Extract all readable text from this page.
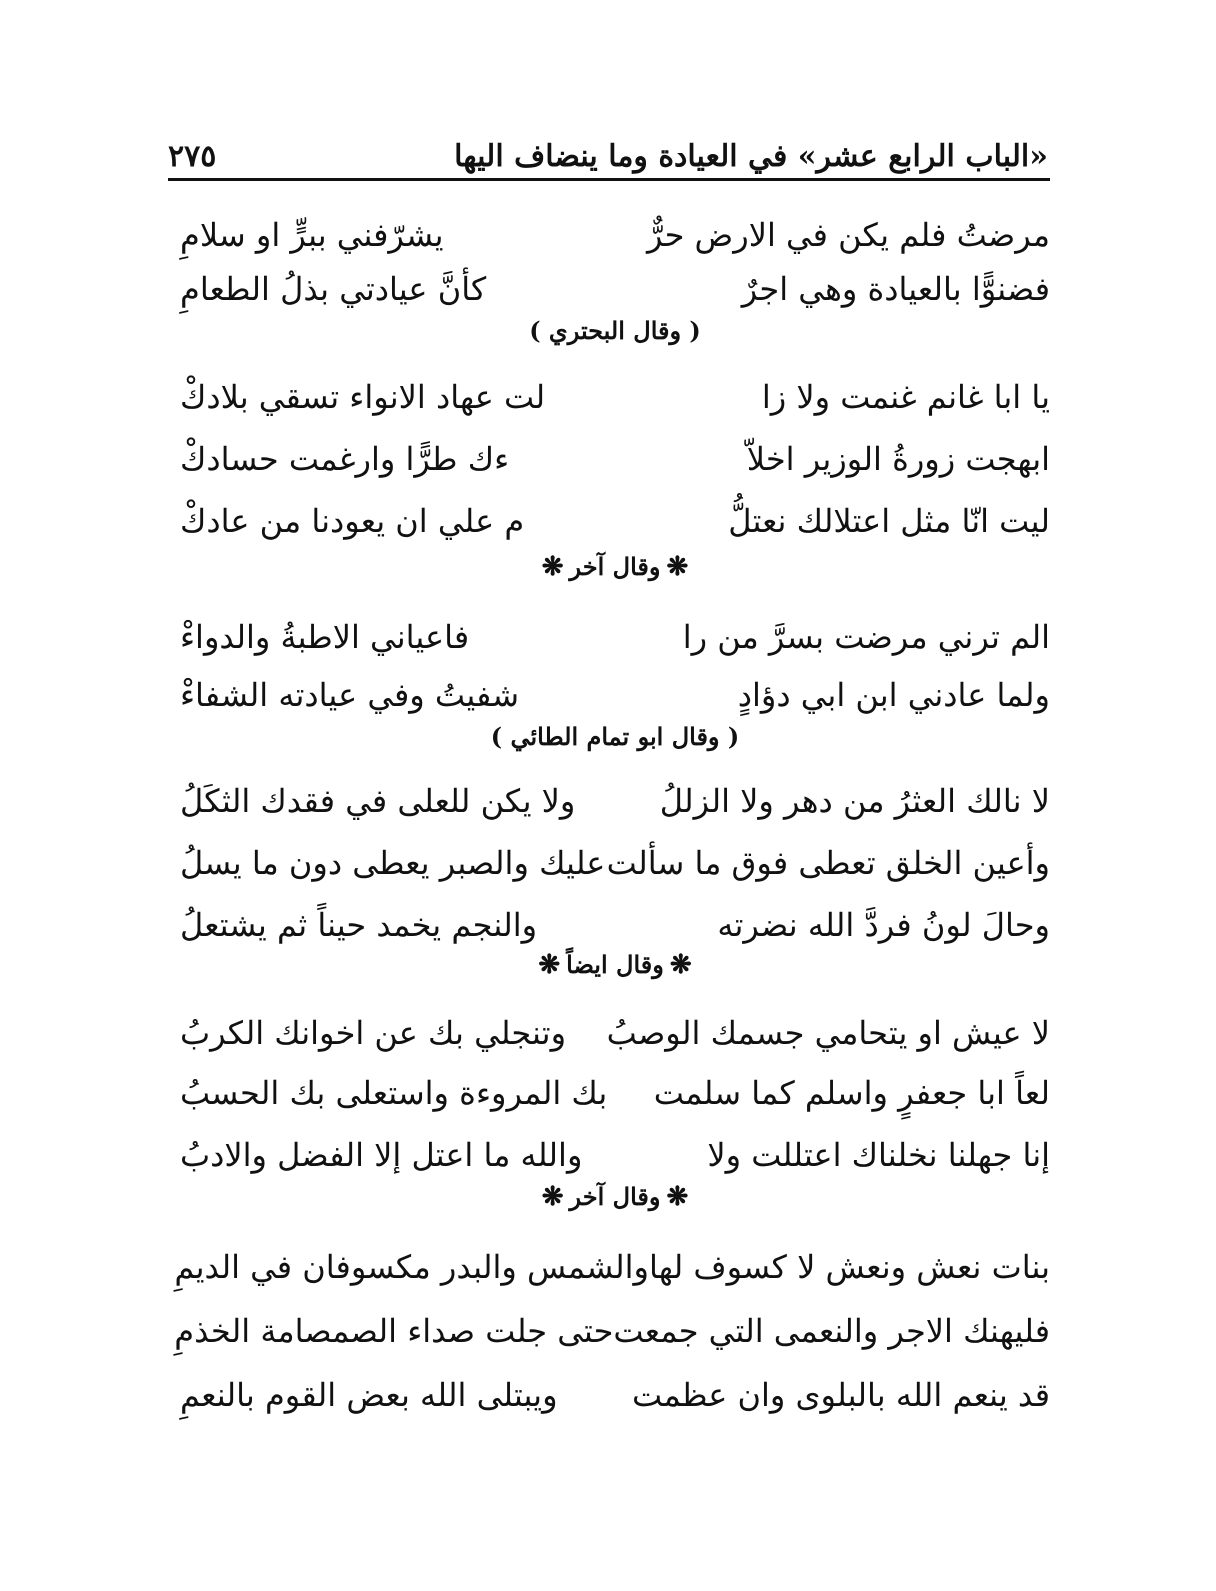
«الباب الرابع عشر» في العيادة وما ينضاف اليها
٢٧٥
مرضتُ فلم يكن في الارض حرٌّ
يشرّفني ببرٍّ او سلامِ
فضنوًّا بالعيادة وهي اجرٌ
كأنَّ عيادتي بذلُ الطعامِ
( وقال البحتري )
يا ابا غانم غنمت ولا زا
لت عهاد الانواء تسقي بلادكْ
ابهجت زورةُ الوزير اخلاّ
ءك طرًّا وارغمت حسادكْ
ليت انّا مثل اعتلالك نعتلُّ
م علي ان يعودنا من عادكْ
❋وقال آخر❋
الم ترني مرضت بسرَّ من را
فاعياني الاطبةُ والدواءْ
ولما عادني ابن ابي دؤادٍ
شفيتُ وفي عيادته الشفاءْ
( وقال ابو تمام الطائي )
لا نالك العثرُ من دهر ولا الزللُ
ولا يكن للعلى في فقدك الثكَلُ
وأعين الخلق تعطى فوق ما سألت
عليك والصبر يعطى دون ما يسلُ
وحالَ لونُ فردَّ الله نضرته
والنجم يخمد حيناً ثم يشتعلُ
❋وقال ايضاً❋
لا عيش او يتحامي جسمك الوصبُ
وتنجلي بك عن اخوانك الكربُ
لعاً ابا جعفرٍ واسلم كما سلمت
بك المروءة واستعلى بك الحسبُ
إنا جهلنا نخلناك اعتللت ولا
والله ما اعتل إلا الفضل والادبُ
❋وقال آخر❋
بنات نعش ونعش لا كسوف لها
والشمس والبدر مكسوفان في الديمِ
فليهنك الاجر والنعمى التي جمعت
حتى جلت صداء الصمصامة الخذمِ
قد ينعم الله بالبلوى وان عظمت
ويبتلى الله بعض القوم بالنعمِ
